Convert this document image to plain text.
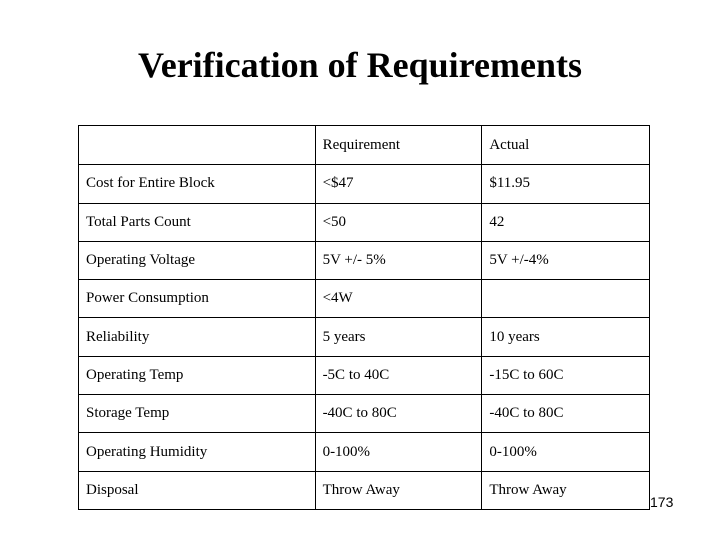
Verification of Requirements
	Requirement	Actual
Cost for Entire Block	<$47	$11.95
Total Parts Count	<50	42
Operating Voltage	5V +/- 5%	5V +/-4%
Power Consumption	<4W	
Reliability	5 years	10 years
Operating Temp	-5C to 40C	-15C to 60C
Storage Temp	-40C to 80C	-40C to 80C
Operating Humidity	0-100%	0-100%
Disposal	Throw Away	Throw Away
173
